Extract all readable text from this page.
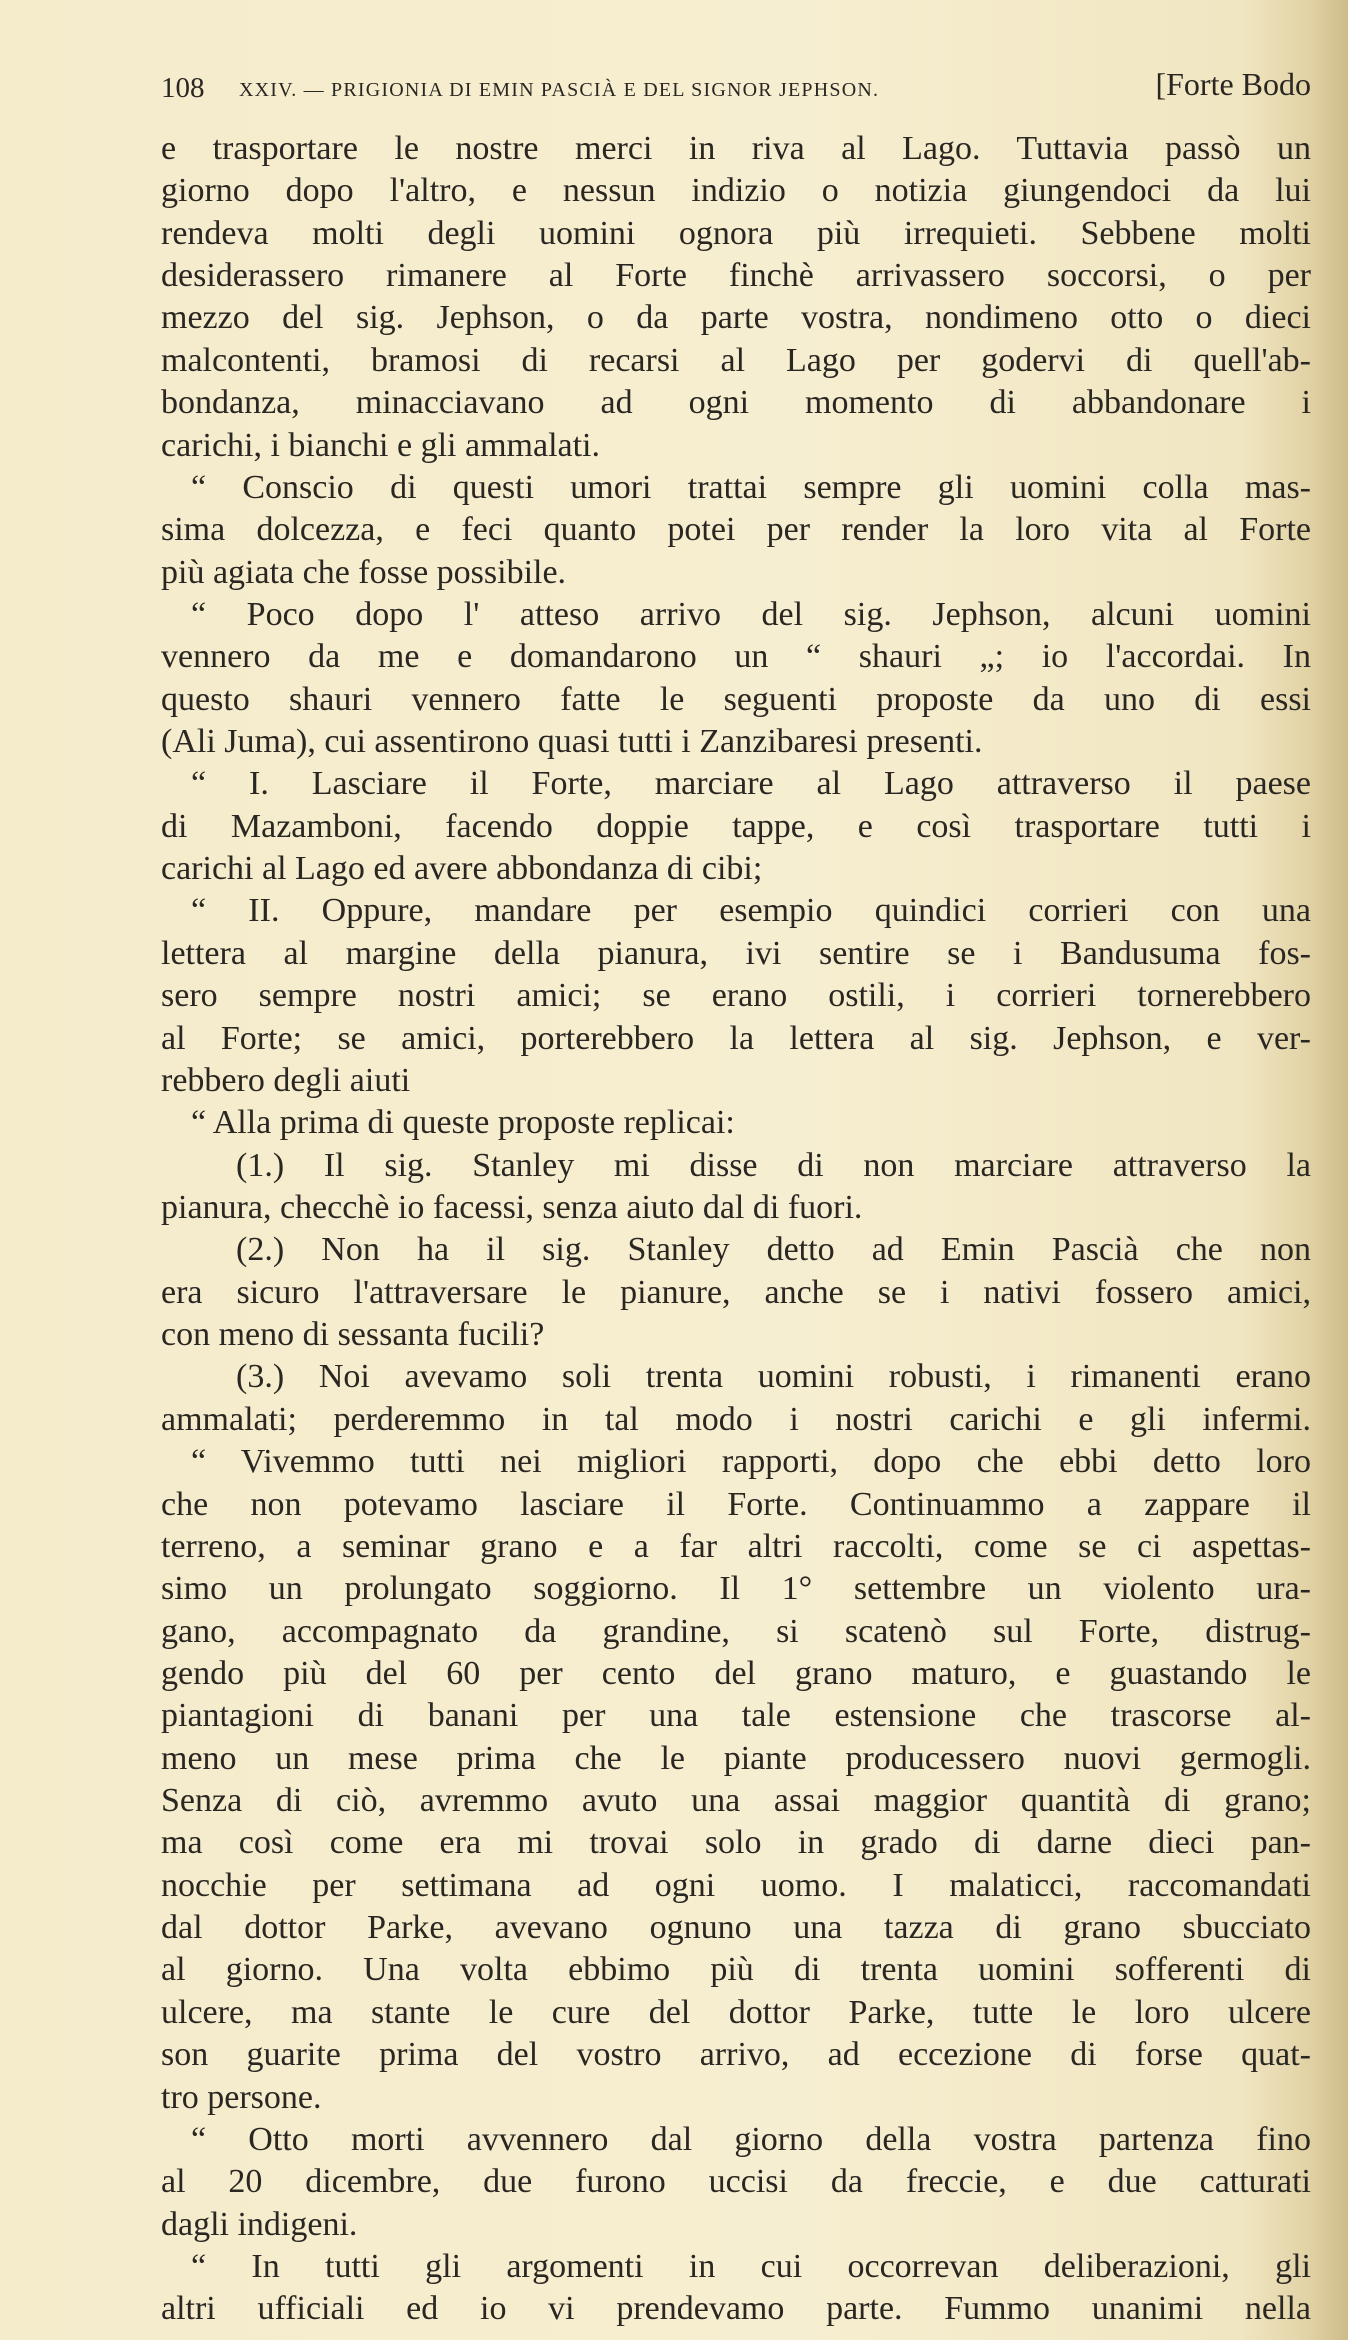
108 XXIV. — PRIGIONIA DI EMIN PASCIÀ E DEL SIGNOR JEPHSON.	[Forte Bodo
e trasportare le nostre merci in riva al Lago. Tuttavia passò un
giorno dopo l'altro, e nessun indizio o notizia giungendoci da lui
rendeva molti degli uomini ognora più irrequieti. Sebbene molti
desiderassero rimanere al Forte finchè arrivassero soccorsi, o per
mezzo del sig. Jephson, o da parte vostra, nondimeno otto o dieci
malcontenti, bramosi di recarsi al Lago per godervi di quell'ab-
bondanza, minacciavano ad ogni momento di abbandonare i
carichi, i bianchi e gli ammalati.
“ Conscio di questi umori trattai sempre gli uomini colla mas-
sima dolcezza, e feci quanto potei per render la loro vita al Forte
più agiata che fosse possibile.
“ Poco dopo l' atteso arrivo del sig. Jephson, alcuni uomini
vennero da me e domandarono un “ shauri „; io l'accordai. In
questo shauri vennero fatte le seguenti proposte da uno di essi
(Ali Juma), cui assentirono quasi tutti i Zanzibaresi presenti.
“ I. Lasciare il Forte, marciare al Lago attraverso il paese
di Mazamboni, facendo doppie tappe, e così trasportare tutti i
carichi al Lago ed avere abbondanza di cibi;
“ II. Oppure, mandare per esempio quindici corrieri con una
lettera al margine della pianura, ivi sentire se i Bandusuma fos-
sero sempre nostri amici; se erano ostili, i corrieri tornerebbero
al Forte; se amici, porterebbero la lettera al sig. Jephson, e ver-
rebbero degli aiuti
“ Alla prima di queste proposte replicai:
(1.) Il sig. Stanley mi disse di non marciare attraverso la
pianura, checchè io facessi, senza aiuto dal di fuori.
(2.) Non ha il sig. Stanley detto ad Emin Pascià che non
era sicuro l'attraversare le pianure, anche se i nativi fossero amici,
con meno di sessanta fucili?
(3.) Noi avevamo soli trenta uomini robusti, i rimanenti erano
ammalati; perderemmo in tal modo i nostri carichi e gli infermi.
“ Vivemmo tutti nei migliori rapporti, dopo che ebbi detto loro
che non potevamo lasciare il Forte. Continuammo a zappare il
terreno, a seminar grano e a far altri raccolti, come se ci aspettas-
simo un prolungato soggiorno. Il 1° settembre un violento ura-
gano, accompagnato da grandine, si scatenò sul Forte, distrug-
gendo più del 60 per cento del grano maturo, e guastando le
piantagioni di banani per una tale estensione che trascorse al-
meno un mese prima che le piante producessero nuovi germogli.
Senza di ciò, avremmo avuto una assai maggior quantità di grano;
ma così come era mi trovai solo in grado di darne dieci pan-
nocchie per settimana ad ogni uomo. I malaticci, raccomandati
dal dottor Parke, avevano ognuno una tazza di grano sbucciato
al giorno. Una volta ebbimo più di trenta uomini sofferenti di
ulcere, ma stante le cure del dottor Parke, tutte le loro ulcere
son guarite prima del vostro arrivo, ad eccezione di forse quat-
tro persone.
“ Otto morti avvennero dal giorno della vostra partenza fino
al 20 dicembre, due furono uccisi da freccie, e due catturati
dagli indigeni.
“ In tutti gli argomenti in cui occorrevan deliberazioni, gli
altri ufficiali ed io vi prendevamo parte. Fummo unanimi nella
